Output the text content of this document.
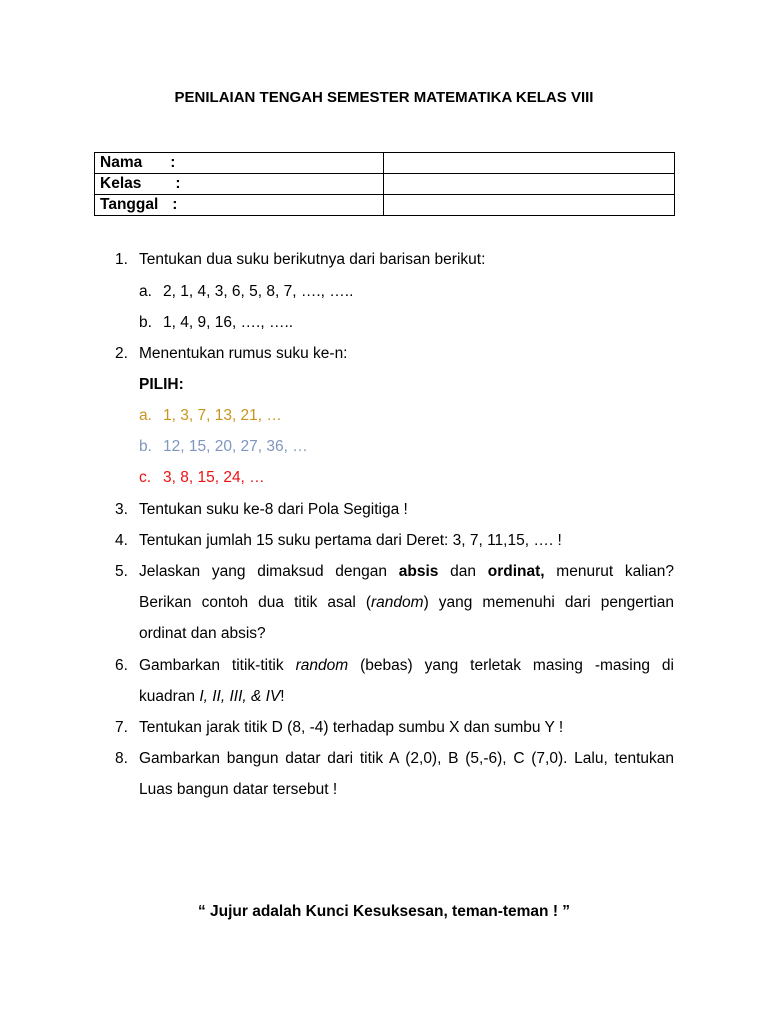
PENILAIAN TENGAH SEMESTER MATEMATIKA KELAS VIII
Nama :	
Kelas :	
Tanggal :	
1. Tentukan dua suku berikutnya dari barisan berikut:
a. 2, 1, 4, 3, 6, 5, 8, 7, …., …..
b. 1, 4, 9, 16, …., …..
2. Menentukan rumus suku ke-n:
PILIH:
a. 1, 3, 7, 13, 21, …
b. 12, 15, 20, 27, 36, …
c. 3, 8, 15, 24, …
3. Tentukan suku ke-8 dari Pola Segitiga !
4. Tentukan jumlah 15 suku pertama dari Deret: 3, 7, 11,15, …. !
5. Jelaskan yang dimaksud dengan absis dan ordinat, menurut kalian?
Berikan contoh dua titik asal (random) yang memenuhi dari pengertian
ordinat dan absis?
6. Gambarkan titik-titik random (bebas) yang terletak masing -masing di
kuadran I, II, III, & IV!
7. Tentukan jarak titik D (8, -4) terhadap sumbu X dan sumbu Y !
8. Gambarkan bangun datar dari titik A (2,0), B (5,-6), C (7,0). Lalu, tentukan
Luas bangun datar tersebut !
“ Jujur adalah Kunci Kesuksesan, teman-teman ! ”
